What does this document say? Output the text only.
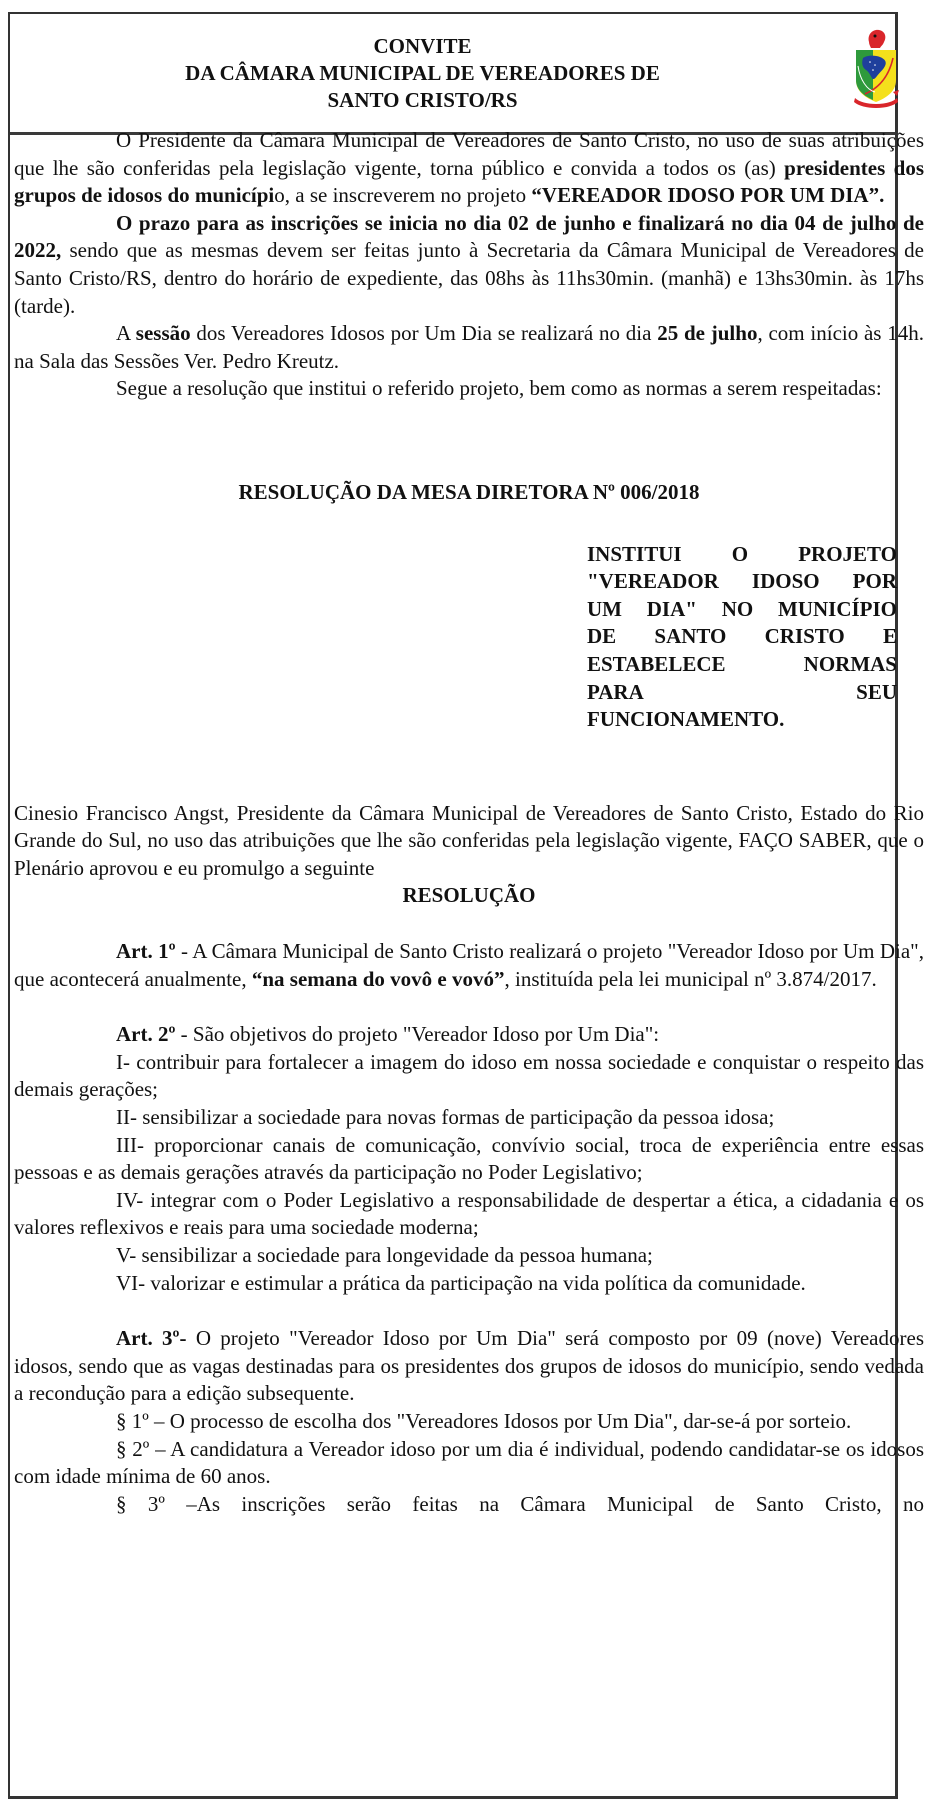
CONVITE
DA CÂMARA MUNICIPAL DE VEREADORES DE
SANTO CRISTO/RS

O Presidente da Câmara Municipal de Vereadores de Santo Cristo, no uso de suas atribuições que lhe são conferidas pela legislação vigente, torna público e convida a todos os (as) presidentes dos grupos de idosos do município, a se inscreverem no projeto “VEREADOR IDOSO POR UM DIA”.

O prazo para as inscrições se inicia no dia 02 de junho e finalizará no dia 04 de julho de 2022, sendo que as mesmas devem ser feitas junto à Secretaria da Câmara Municipal de Vereadores de Santo Cristo/RS, dentro do horário de expediente, das 08hs às 11hs30min. (manhã) e 13hs30min. às 17hs (tarde).

A sessão dos Vereadores Idosos por Um Dia se realizará no dia 25 de julho, com início às 14h. na Sala das Sessões Ver. Pedro Kreutz.

Segue a resolução que institui o referido projeto, bem como as normas a serem respeitadas:

RESOLUÇÃO DA MESA DIRETORA Nº 006/2018

INSTITUI O PROJETO
"VEREADOR IDOSO POR
UM DIA" NO MUNICÍPIO
DE SANTO CRISTO E
ESTABELECE NORMAS
PARA SEU
FUNCIONAMENTO.

Cinesio Francisco Angst, Presidente da Câmara Municipal de Vereadores de Santo Cristo, Estado do Rio Grande do Sul, no uso das atribuições que lhe são conferidas pela legislação vigente, FAÇO SABER, que o Plenário aprovou e eu promulgo a seguinte

RESOLUÇÃO

Art. 1º - A Câmara Municipal de Santo Cristo realizará o projeto "Vereador Idoso por Um Dia", que acontecerá anualmente, “na semana do vovô e vovó”, instituída pela lei municipal nº 3.874/2017.

Art. 2º - São objetivos do projeto "Vereador Idoso por Um Dia":

I- contribuir para fortalecer a imagem do idoso em nossa sociedade e conquistar o respeito das demais gerações;

II- sensibilizar a sociedade para novas formas de participação da pessoa idosa;

III- proporcionar canais de comunicação, convívio social, troca de experiência entre essas pessoas e as demais gerações através da participação no Poder Legislativo;

IV- integrar com o Poder Legislativo a responsabilidade de despertar a ética, a cidadania e os valores reflexivos e reais para uma sociedade moderna;

V- sensibilizar a sociedade para longevidade da pessoa humana;

VI- valorizar e estimular a prática da participação na vida política da comunidade.

Art. 3º- O projeto "Vereador Idoso por Um Dia" será composto por 09 (nove) Vereadores idosos, sendo que as vagas destinadas para os presidentes dos grupos de idosos do município, sendo vedada a recondução para a edição subsequente.

§ 1º – O processo de escolha dos "Vereadores Idosos por Um Dia", dar-se-á por sorteio.

§ 2º – A candidatura a Vereador idoso por um dia é individual, podendo candidatar-se os idosos com idade mínima de 60 anos.

§ 3º –As inscrições serão feitas na Câmara Municipal de Santo Cristo, no
